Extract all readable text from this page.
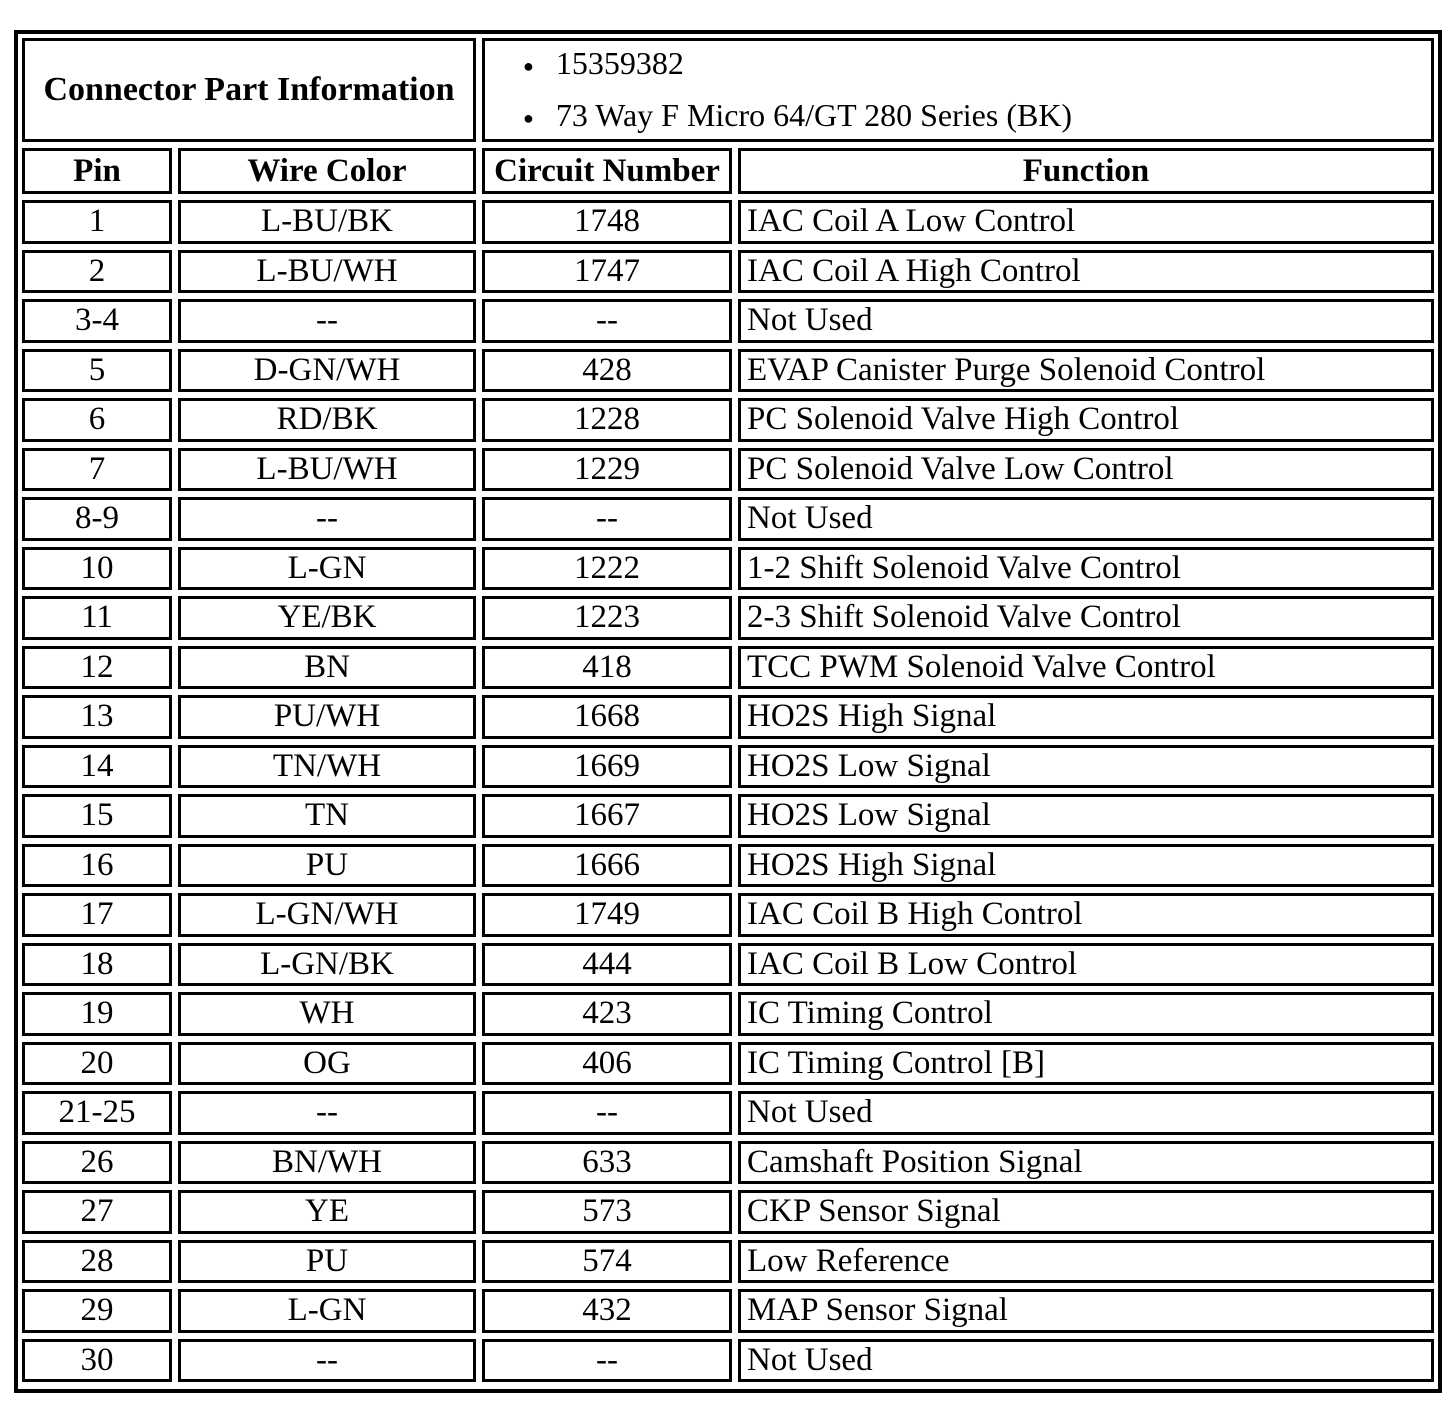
Connector Part Information
● 15359382
● 73 Way F Micro 64/GT 280 Series (BK)
Pin	Wire Color	Circuit Number	Function
1	L-BU/BK	1748	IAC Coil A Low Control
2	L-BU/WH	1747	IAC Coil A High Control
3-4	--	--	Not Used
5	D-GN/WH	428	EVAP Canister Purge Solenoid Control
6	RD/BK	1228	PC Solenoid Valve High Control
7	L-BU/WH	1229	PC Solenoid Valve Low Control
8-9	--	--	Not Used
10	L-GN	1222	1-2 Shift Solenoid Valve Control
11	YE/BK	1223	2-3 Shift Solenoid Valve Control
12	BN	418	TCC PWM Solenoid Valve Control
13	PU/WH	1668	HO2S High Signal
14	TN/WH	1669	HO2S Low Signal
15	TN	1667	HO2S Low Signal
16	PU	1666	HO2S High Signal
17	L-GN/WH	1749	IAC Coil B High Control
18	L-GN/BK	444	IAC Coil B Low Control
19	WH	423	IC Timing Control
20	OG	406	IC Timing Control [B]
21-25	--	--	Not Used
26	BN/WH	633	Camshaft Position Signal
27	YE	573	CKP Sensor Signal
28	PU	574	Low Reference
29	L-GN	432	MAP Sensor Signal
30	--	--	Not Used
